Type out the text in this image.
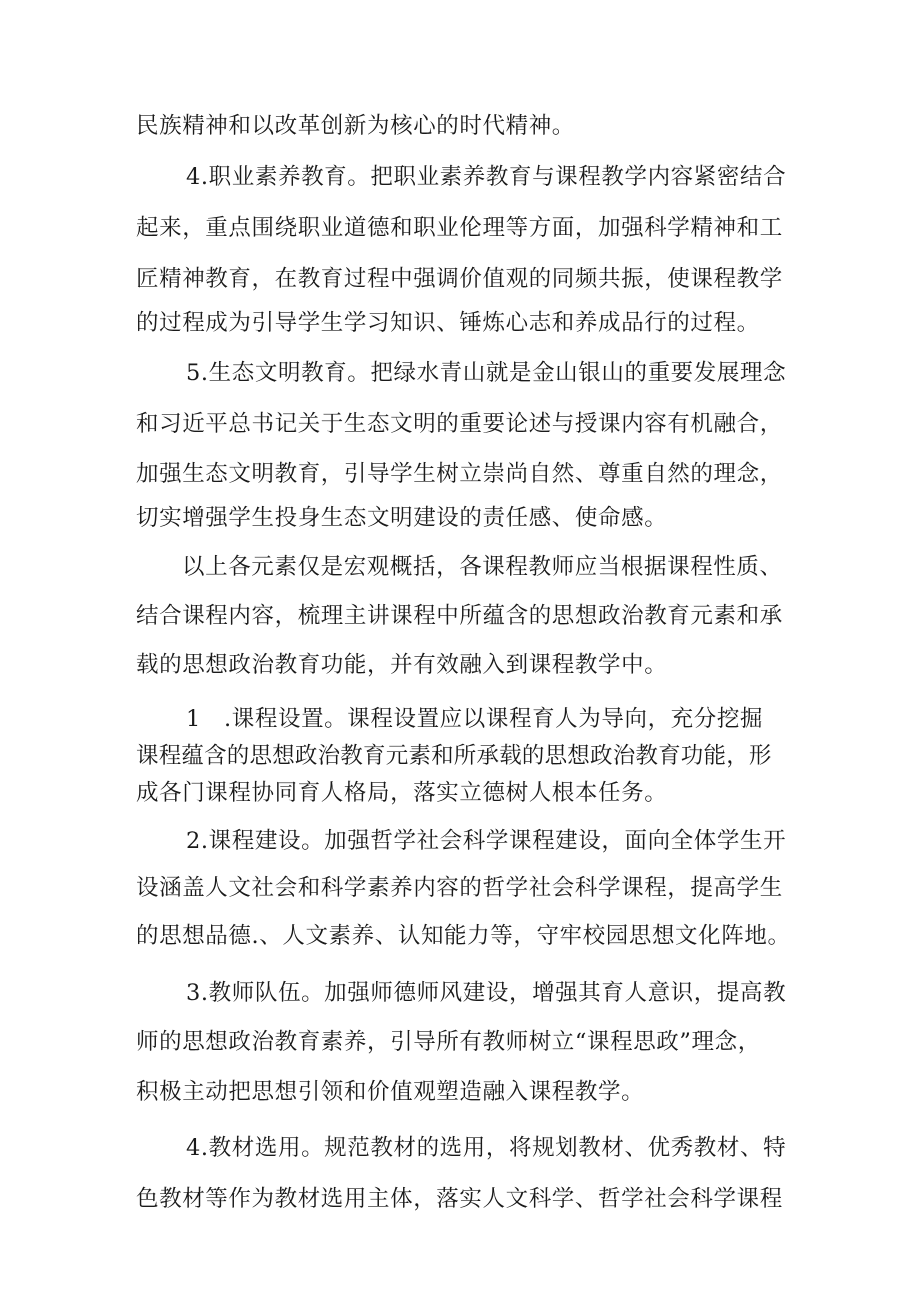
民族精神和以改革创新为核心的时代精神。
4.职业素养教育。把职业素养教育与课程教学内容紧密结合
起来，重点围绕职业道德和职业伦理等方面，加强科学精神和工
匠精神教育，在教育过程中强调价值观的同频共振，使课程教学
的过程成为引导学生学习知识、锤炼心志和养成品行的过程。
5.生态文明教育。把绿水青山就是金山银山的重要发展理念
和习近平总书记关于生态文明的重要论述与授课内容有机融合，
加强生态文明教育，引导学生树立崇尚自然、尊重自然的理念，
切实增强学生投身生态文明建设的责任感、使命感。
以上各元素仅是宏观概括，各课程教师应当根据课程性质、
结合课程内容，梳理主讲课程中所蕴含的思想政治教育元素和承
载的思想政治教育功能，并有效融入到课程教学中。
1　.课程设置。课程设置应以课程育人为导向，充分挖掘
课程蕴含的思想政治教育元素和所承载的思想政治教育功能，形
成各门课程协同育人格局，落实立德树人根本任务。
2.课程建设。加强哲学社会科学课程建设，面向全体学生开
设涵盖人文社会和科学素养内容的哲学社会科学课程，提高学生
的思想品德.、人文素养、认知能力等，守牢校园思想文化阵地。
3.教师队伍。加强师德师风建设，增强其育人意识，提高教
师的思想政治教育素养，引导所有教师树立“课程思政”理念，
积极主动把思想引领和价值观塑造融入课程教学。
4.教材选用。规范教材的选用，将规划教材、优秀教材、特
色教材等作为教材选用主体，落实人文科学、哲学社会科学课程
